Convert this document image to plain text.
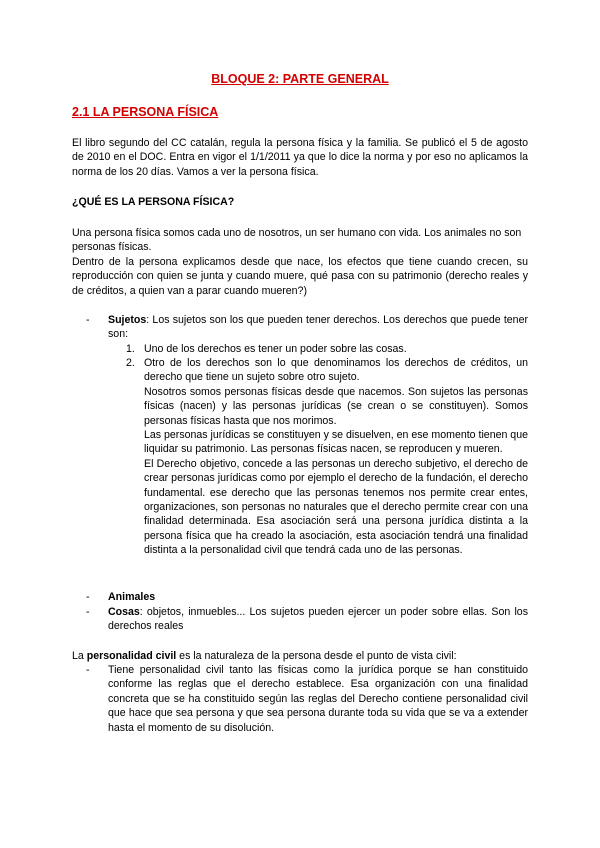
BLOQUE 2: PARTE GENERAL
2.1 LA PERSONA FÍSICA

El libro segundo del CC catalán, regula la persona física y la familia. Se publicó el 5 de agosto de 2010 en el DOC. Entra en vigor el 1/1/2011 ya que lo dice la norma y por eso no aplicamos la norma de los 20 días. Vamos a ver la persona física.

¿QUÉ ES LA PERSONA FÍSICA?

Una persona física somos cada uno de nosotros, un ser humano con vida. Los animales no son personas físicas.

Dentro de la persona explicamos desde que nace, los efectos que tiene cuando crecen, su reproducción con quien se junta y cuando muere, qué pasa con su patrimonio (derecho reales y de créditos, a quien van a parar cuando mueren?)

-	Sujetos: Los sujetos son los que pueden tener derechos. Los derechos que puede tener son:
1. Uno de los derechos es tener un poder sobre las cosas.
2. Otro de los derechos son lo que denominamos los derechos de créditos, un derecho que tiene un sujeto sobre otro sujeto.

Nosotros somos personas físicas desde que nacemos. Son sujetos las personas físicas (nacen) y las personas jurídicas (se crean o se constituyen). Somos personas físicas hasta que nos morimos.

Las personas jurídicas se constituyen y se disuelven, en ese momento tienen que liquidar su patrimonio. Las personas físicas nacen, se reproducen y mueren.

El Derecho objetivo, concede a las personas un derecho subjetivo, el derecho de crear personas jurídicas como por ejemplo el derecho de la fundación, el derecho fundamental. ese derecho que las personas tenemos nos permite crear entes, organizaciones, son personas no naturales que el derecho permite crear con una finalidad determinada. Esa asociación será una persona jurídica distinta a la persona física que ha creado la asociación, esta asociación tendrá una finalidad distinta a la personalidad civil que tendrá cada uno de las personas.

-	Animales
-	Cosas: objetos, inmuebles... Los sujetos pueden ejercer un poder sobre ellas. Son los derechos reales

La personalidad civil es la naturaleza de la persona desde el punto de vista civil:

-	Tiene personalidad civil tanto las físicas como la jurídica porque se han constituido conforme las reglas que el derecho establece. Esa organización con una finalidad concreta que se ha constituido según las reglas del Derecho contiene personalidad civil que hace que sea persona y que sea persona durante toda su vida que se va a extender hasta el momento de su disolución.
